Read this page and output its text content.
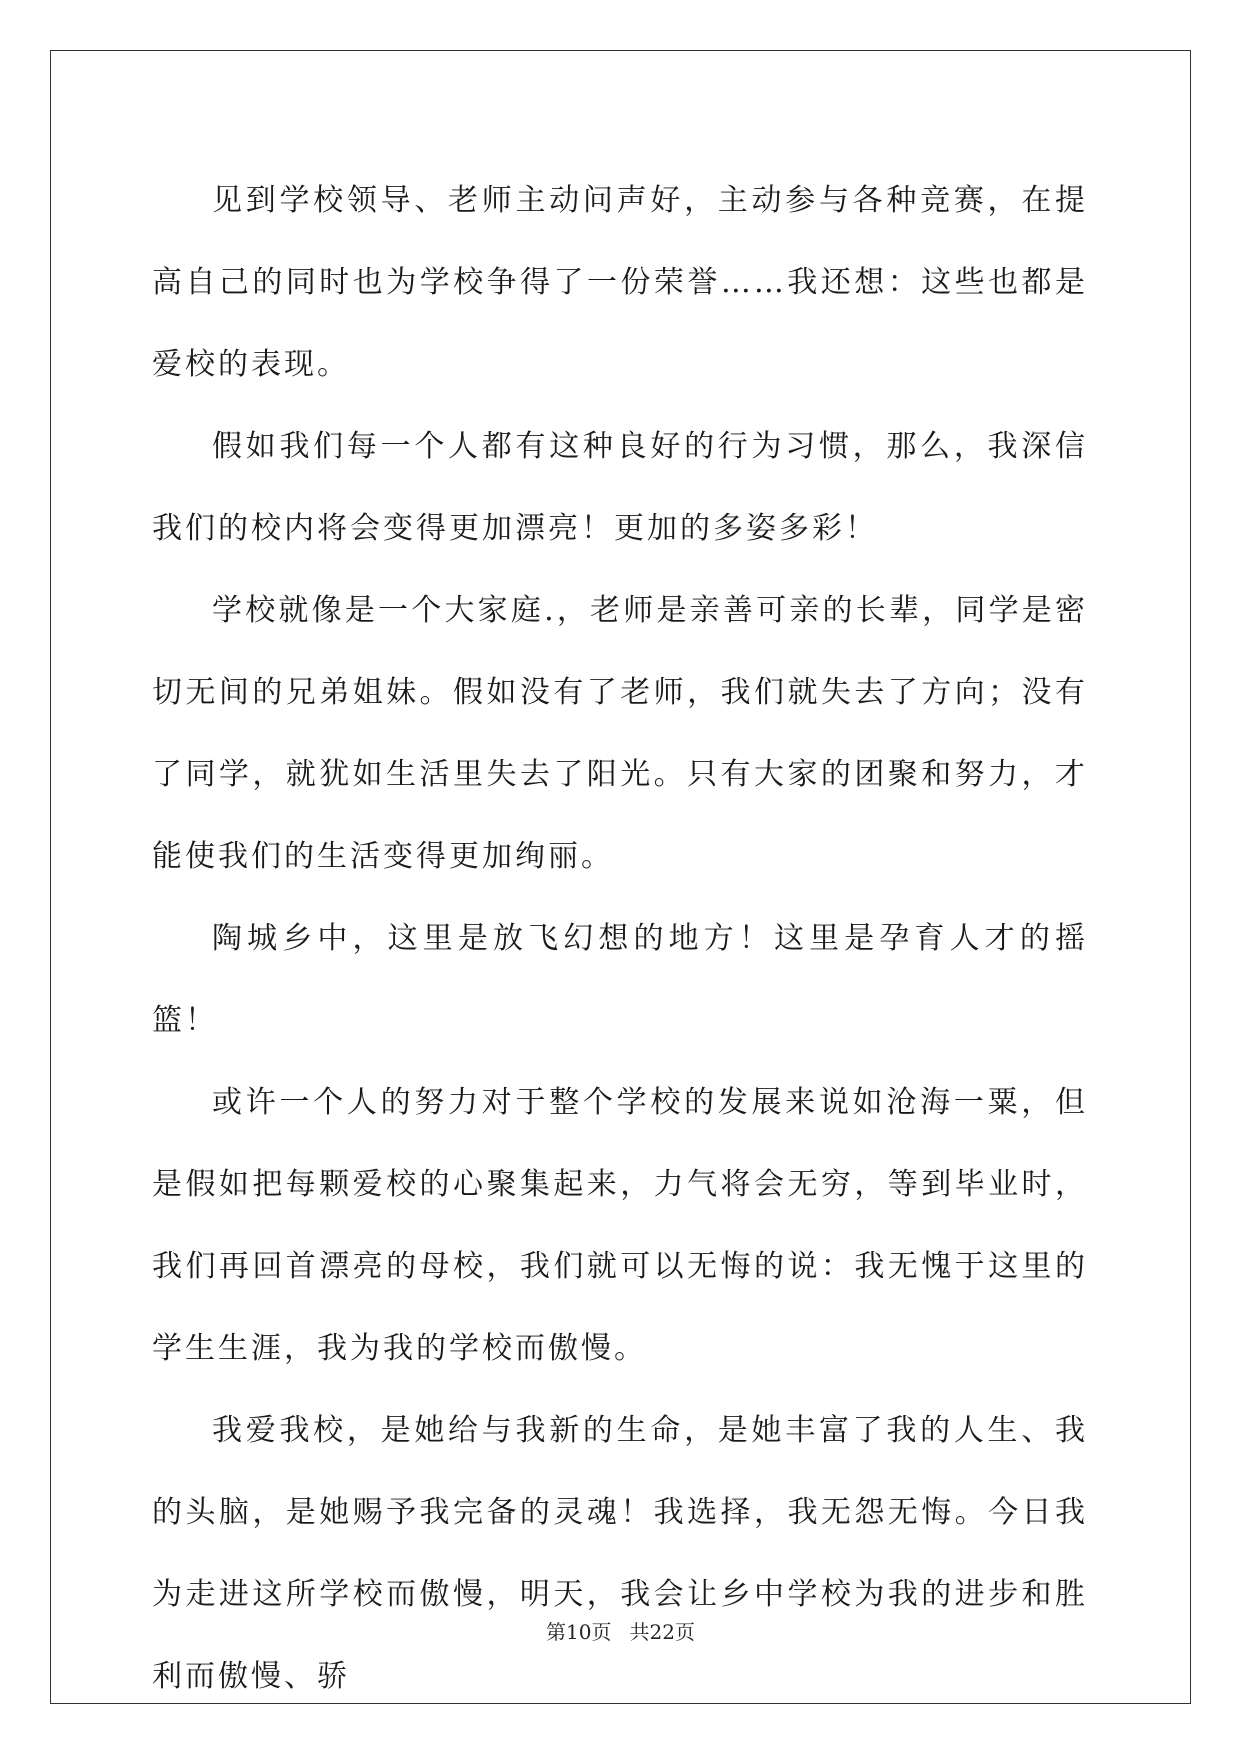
见到学校领导、老师主动问声好，主动参与各种竞赛，在提高自己的同时也为学校争得了一份荣誉……我还想：这些也都是爱校的表现。

假如我们每一个人都有这种良好的行为习惯，那么，我深信我们的校内将会变得更加漂亮！更加的多姿多彩！

学校就像是一个大家庭.，老师是亲善可亲的长辈，同学是密切无间的兄弟姐妹。假如没有了老师，我们就失去了方向；没有了同学，就犹如生活里失去了阳光。只有大家的团聚和努力，才能使我们的生活变得更加绚丽。

陶城乡中，这里是放飞幻想的地方！这里是孕育人才的摇篮！

或许一个人的努力对于整个学校的发展来说如沧海一粟，但是假如把每颗爱校的心聚集起来，力气将会无穷，等到毕业时，我们再回首漂亮的母校，我们就可以无悔的说：我无愧于这里的学生生涯，我为我的学校而傲慢。

我爱我校，是她给与我新的生命，是她丰富了我的人生、我的头脑，是她赐予我完备的灵魂！我选择，我无怨无悔。今日我为走进这所学校而傲慢，明天，我会让乡中学校为我的进步和胜利而傲慢、骄

第10页 共22页
